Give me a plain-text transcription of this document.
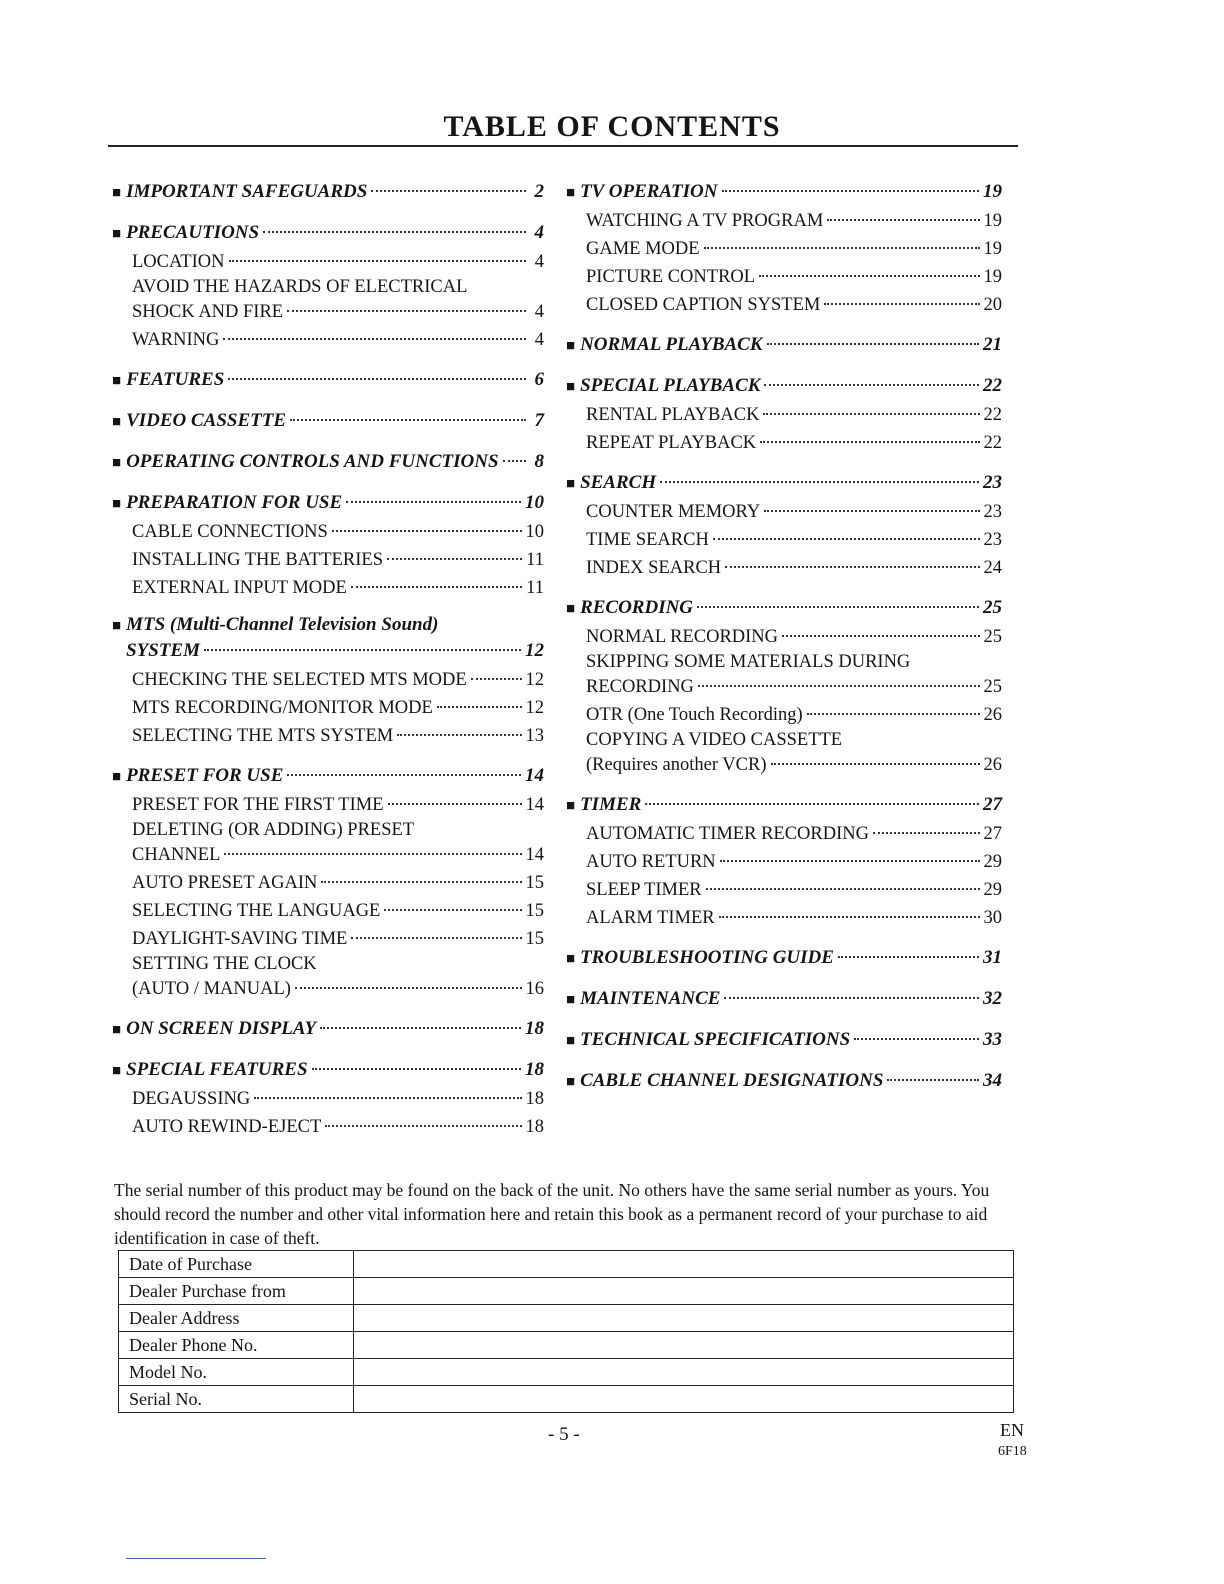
TABLE OF CONTENTS
■ IMPORTANT SAFEGUARDS	2
■ PRECAUTIONS	4
LOCATION	4
AVOID THE HAZARDS OF ELECTRICAL
SHOCK AND FIRE	4
WARNING	4
■ FEATURES	6
■ VIDEO CASSETTE	7
■ OPERATING CONTROLS AND FUNCTIONS 8
■ PREPARATION FOR USE	10
CABLE CONNECTIONS	10
INSTALLING THE BATTERIES	11
EXTERNAL INPUT MODE	11
■ MTS (Multi-Channel Television Sound)
SYSTEM	12
CHECKING THE SELECTED MTS MODE	12
MTS RECORDING/MONITOR MODE	12
SELECTING THE MTS SYSTEM	13
■ PRESET FOR USE	14
PRESET FOR THE FIRST TIME	14
DELETING (OR ADDING) PRESET
CHANNEL	14
AUTO PRESET AGAIN	15
SELECTING THE LANGUAGE	15
DAYLIGHT-SAVING TIME	15
SETTING THE CLOCK
(AUTO / MANUAL)	16
■ ON SCREEN DISPLAY	18
■ SPECIAL FEATURES	18
DEGAUSSING	18
AUTO REWIND-EJECT	18
■ TV OPERATION	19
WATCHING A TV PROGRAM	19
GAME MODE	19
PICTURE CONTROL	19
CLOSED CAPTION SYSTEM	20
■ NORMAL PLAYBACK	21
■ SPECIAL PLAYBACK	22
RENTAL PLAYBACK	22
REPEAT PLAYBACK	22
■ SEARCH	23
COUNTER MEMORY	23
TIME SEARCH	23
INDEX SEARCH	24
■ RECORDING	25
NORMAL RECORDING	25
SKIPPING SOME MATERIALS DURING
RECORDING	25
OTR (One Touch Recording)	26
COPYING A VIDEO CASSETTE
(Requires another VCR)	26
■ TIMER	27
AUTOMATIC TIMER RECORDING	27
AUTO RETURN	29
SLEEP TIMER	29
ALARM TIMER	30
■ TROUBLESHOOTING GUIDE	31
■ MAINTENANCE	32
■ TECHNICAL SPECIFICATIONS	33
■ CABLE CHANNEL DESIGNATIONS	34
The serial number of this product may be found on the back of the unit. No others have the same serial number as yours. You should record the number and other vital information here and retain this book as a permanent record of your purchase to aid identification in case of theft.
Date of Purchase	
Dealer Purchase from	
Dealer Address	
Dealer Phone No.	
Model No.	
Serial No.	
- 5 -	EN
6F18
